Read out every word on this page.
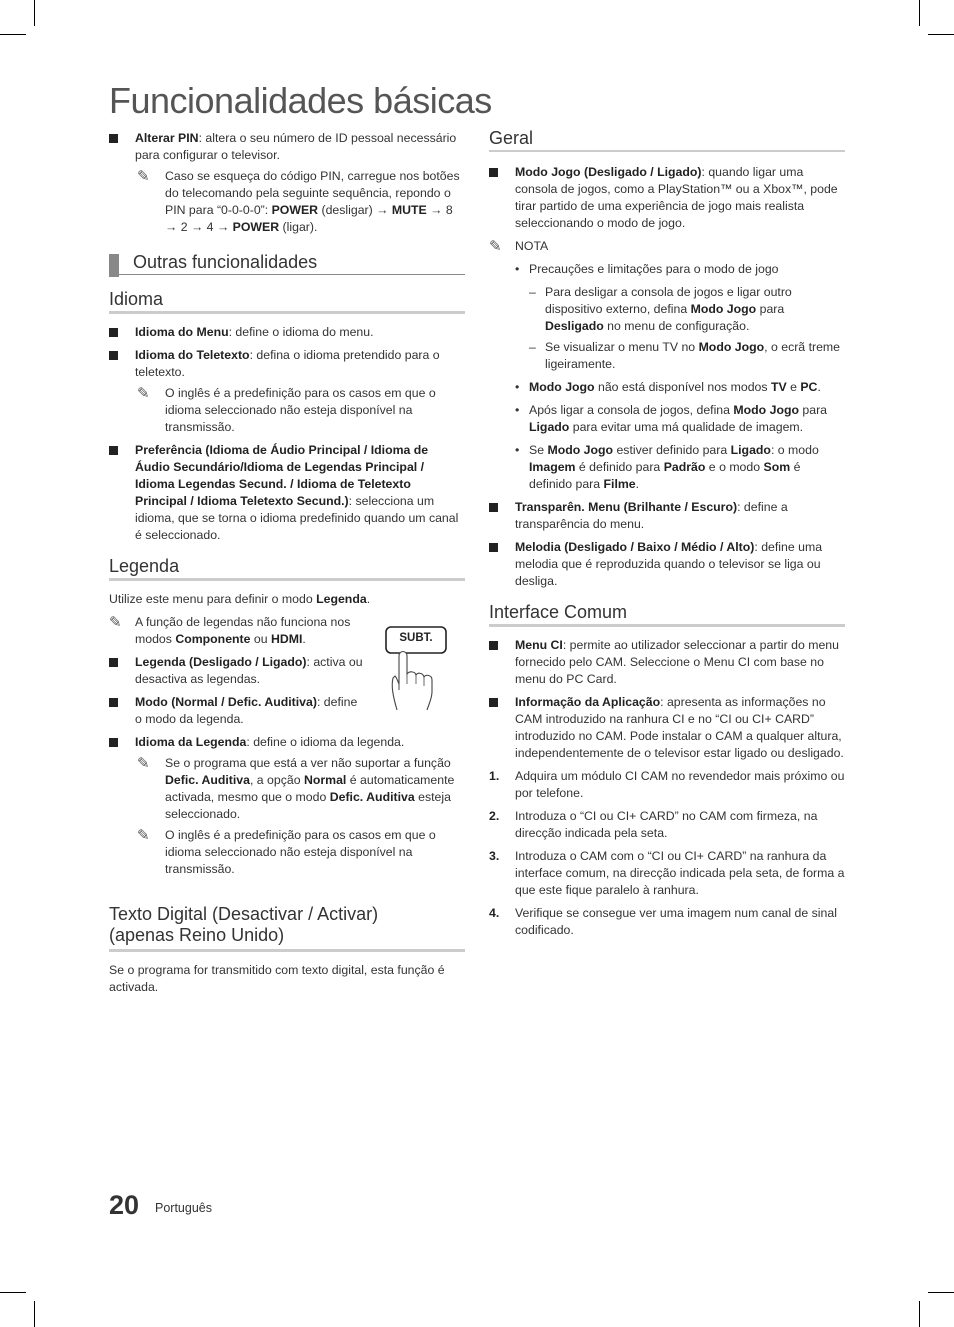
Funcionalidades básicas
Alterar PIN: altera o seu número de ID pessoal necessário para configurar o televisor.
✎ Caso se esqueça do código PIN, carregue nos botões do telecomando pela seguinte sequência, repondo o PIN para “0-0-0-0”: POWER (desligar) → MUTE → 8 → 2 → 4 → POWER (ligar).
Outras funcionalidades
Idioma
Idioma do Menu: define o idioma do menu.
Idioma do Teletexto: defina o idioma pretendido para o teletexto.
✎ O inglês é a predefinição para os casos em que o idioma seleccionado não esteja disponível na transmissão.
Preferência (Idioma de Áudio Principal / Idioma de Áudio Secundário/Idioma de Legendas Principal / Idioma Legendas Secund. / Idioma de Teletexto Principal / Idioma Teletexto Secund.): selecciona um idioma, que se torna o idioma predefinido quando um canal é seleccionado.
Legenda
Utilize este menu para definir o modo Legenda.
✎ A função de legendas não funciona nos modos Componente ou HDMI.
Legenda (Desligado / Ligado): activa ou desactiva as legendas.
Modo (Normal / Defic. Auditiva): define o modo da legenda.
Idioma da Legenda: define o idioma da legenda.
✎ Se o programa que está a ver não suportar a função Defic. Auditiva, a opção Normal é automaticamente activada, mesmo que o modo Defic. Auditiva esteja seleccionado.
✎ O inglês é a predefinição para os casos em que o idioma seleccionado não esteja disponível na transmissão.
Texto Digital (Desactivar / Activar)
(apenas Reino Unido)
Se o programa for transmitido com texto digital, esta função é activada.
SUBT.
Geral
Modo Jogo (Desligado / Ligado): quando ligar uma consola de jogos, como a PlayStation™ ou a Xbox™, pode tirar partido de uma experiência de jogo mais realista seleccionando o modo de jogo.
✎ NOTA
• Precauções e limitações para o modo de jogo
– Para desligar a consola de jogos e ligar outro dispositivo externo, defina Modo Jogo para Desligado no menu de configuração.
– Se visualizar o menu TV no Modo Jogo, o ecrã treme ligeiramente.
• Modo Jogo não está disponível nos modos TV e PC.
• Após ligar a consola de jogos, defina Modo Jogo para Ligado para evitar uma má qualidade de imagem.
• Se Modo Jogo estiver definido para Ligado: o modo Imagem é definido para Padrão e o modo Som é definido para Filme.
Transparên. Menu (Brilhante / Escuro): define a transparência do menu.
Melodia (Desligado / Baixo / Médio / Alto): define uma melodia que é reproduzida quando o televisor se liga ou desliga.
Interface Comum
Menu CI: permite ao utilizador seleccionar a partir do menu fornecido pelo CAM. Seleccione o Menu CI com base no menu do PC Card.
Informação da Aplicação: apresenta as informações no CAM introduzido na ranhura CI e no “CI ou CI+ CARD” introduzido no CAM. Pode instalar o CAM a qualquer altura, independentemente de o televisor estar ligado ou desligado.
1. Adquira um módulo CI CAM no revendedor mais próximo ou por telefone.
2. Introduza o “CI ou CI+ CARD” no CAM com firmeza, na direcção indicada pela seta.
3. Introduza o CAM com o “CI ou CI+ CARD” na ranhura da interface comum, na direcção indicada pela seta, de forma a que este fique paralelo à ranhura.
4. Verifique se consegue ver uma imagem num canal de sinal codificado.
20 Português
